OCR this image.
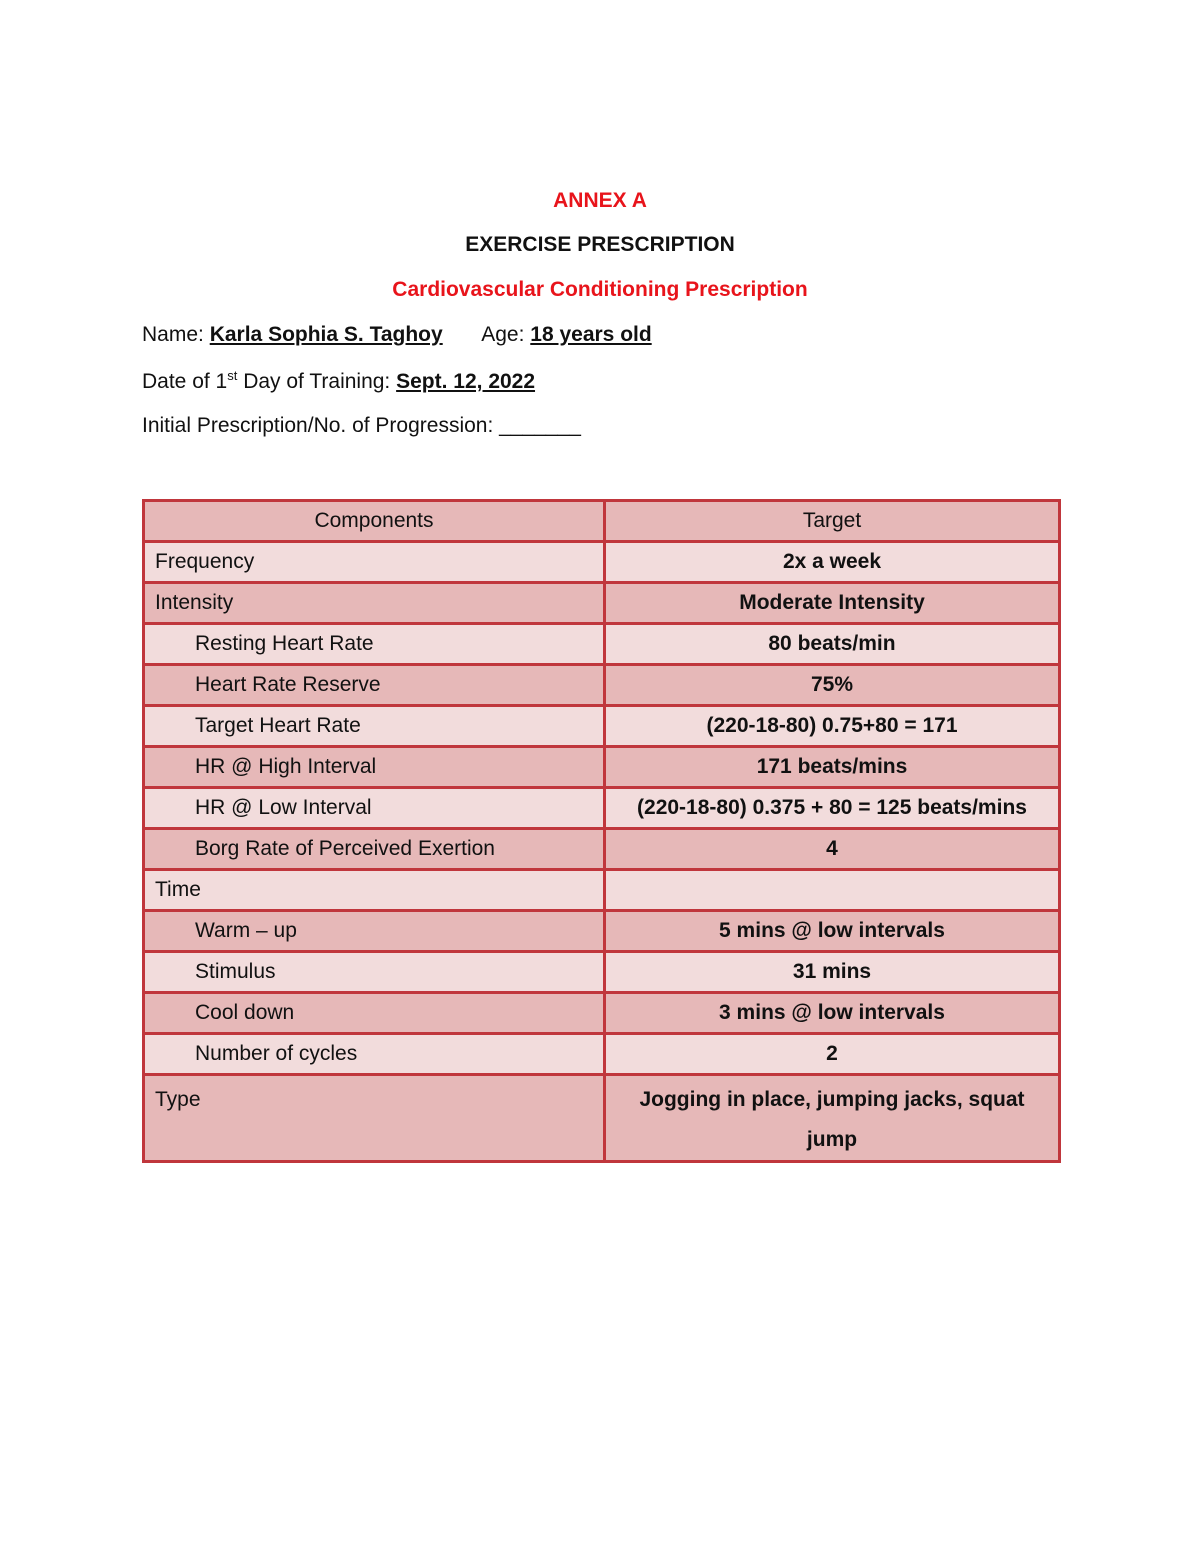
ANNEX A
EXERCISE PRESCRIPTION
Cardiovascular Conditioning Prescription
Name: Karla Sophia S. Taghoy Age: 18 years old
Date of 1st Day of Training: Sept. 12, 2022
Initial Prescription/No. of Progression: _______
Components	Target
Frequency	2x a week
Intensity	Moderate Intensity
Resting Heart Rate	80 beats/min
Heart Rate Reserve	75%
Target Heart Rate	(220-18-80) 0.75+80 = 171
HR @ High Interval	171 beats/mins
HR @ Low Interval	(220-18-80) 0.375 + 80 = 125 beats/mins
Borg Rate of Perceived Exertion	4
Time	
Warm – up	5 mins @ low intervals
Stimulus	31 mins
Cool down	3 mins @ low intervals
Number of cycles	2
Type	Jogging in place, jumping jacks, squat jump
